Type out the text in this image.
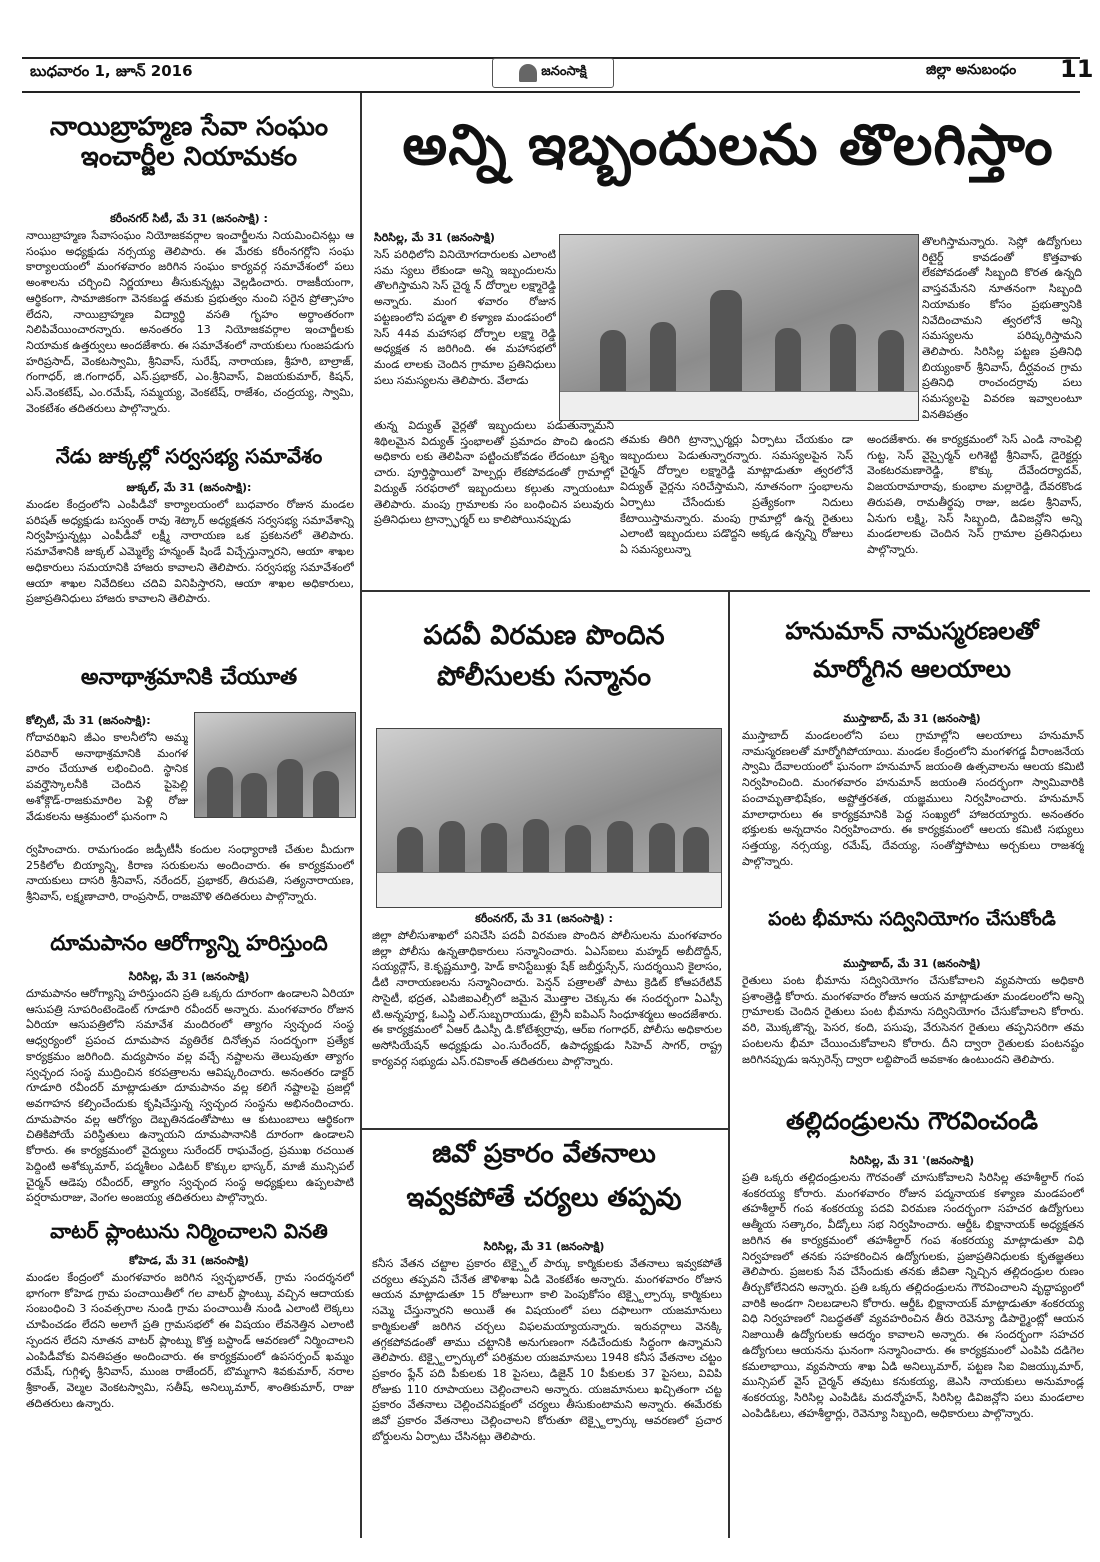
బుధవారం 1, జూన్ 2016	జనంసాక్షి	జిల్లా అనుబంధం 11
నాయిబ్రాహ్మణ సేవా సంఘం
ఇంచార్జీల నియామకం
కరీంనగర్ సిటీ, మే 31 (జనంసాక్షి) :
నాయిబ్రాహ్మణ సేవాసంఘం నియోజకవర్గాల ఇంచార్జీలను నియమించినట్లు ఆ సంఘం అధ్యక్షుడు నర్సయ్య తెలిపారు. ఈ మేరకు కరీంనగర్లోని సంఘ కార్యాలయంలో మంగళవారం జరిగిన సంఘం కార్యవర్గ సమావేశంలో పలు అంశాలను చర్చించి నిర్ణయాలు తీసుకున్నట్లు వెల్లడించారు. రాజకీయంగా, ఆర్థికంగా, సామాజికంగా వెనకబడ్డ తమకు ప్రభుత్వం నుంచి సరైన ప్రోత్సాహం లేదని, నాయిబ్రాహ్మణ విద్యార్థి వసతి గృహం అర్థాంతరంగా నిలిపివేయించారన్నారు. అనంతరం 13 నియోజకవర్గాల ఇంచార్జీలకు నియామక ఉత్తర్వులు అందజేశారు. ఈ సమావేశంలో నాయకులు గుంజపడుగు హరిప్రసాద్, వెంకటస్వామి, శ్రీనివాస్, సురేష్, నారాయణ, శ్రీహరి, బాల్రాజ్, గంగాధర్, జి.గంగాధర్, ఎస్.ప్రభాకర్, ఎం.శ్రీనివాస్, విజయకుమార్, కిషన్, ఎస్.వెంకటేష్, ఎం.రమేష్, సమ్మయ్య, వెంకటేష్, రాజేశం, చంద్రయ్య, స్వామి, వెంకటేశం తదితరులు పాల్గొన్నారు.
నేడు జుక్కల్లో సర్వసభ్య సమావేశం
జుక్కల్, మే 31 (జనంసాక్షి):
మండల కేంద్రంలోని ఎంపీడీవో కార్యాలయంలో బుధవారం రోజున మండల పరిషత్ అధ్యక్షుడు బస్వంత్ రావు శెట్కార్ అధ్యక్షతన సర్వసభ్య సమావేశాన్ని నిర్వహిస్తున్నట్లు ఎంపీడీవో లక్ష్మీ నారాయణ ఒక ప్రకటనలో తెలిపారు. సమావేశానికి జుక్కల్ ఎమ్మెల్యే హన్మంత్ షిండే విచ్చేస్తున్నారని, ఆయా శాఖల అధికారులు సమయానికి హాజరు కావాలని తెలిపారు. సర్వసభ్య సమావేశంలో ఆయా శాఖల నివేదికలు చదివి వినిపిస్తారని, ఆయా శాఖల అధికారులు, ప్రజాప్రతినిధులు హాజరు కావాలని తెలిపారు.
అనాథాశ్రమానికి చేయూత
కోల్సిటీ, మే 31 (జనంసాక్షి):
గోదావరిఖని జీఎం కాలనీలోని అమ్మ పరివార్ అనాథాశ్రమానికి మంగళ వారం చేయూత లభించింది. స్థానిక పవర్హౌస్కాలనీకి చెందిన పైపెల్లి అశోక్గౌడ్-రాజకుమారిల పెళ్లి రోజు వేడుకలను ఆశ్రమంలో ఘనంగా ని
ర్వహించారు. రామగుండం జడ్పీటీసీ కందుల సంధ్యారాణి చేతుల మీదుగా 25కిలోల బియ్యాన్ని, కిరాణ సరుకులను అందించారు. ఈ కార్యక్రమంలో నాయకులు దాసరి శ్రీనివాస్, నరేందర్, ప్రభాకర్, తిరుపతి, సత్యనారాయణ, శ్రీనివాస్, లక్ష్మణాచారి, రాంప్రసాద్, రాజమౌళి తదితరులు పాల్గొన్నారు.
దూమపానం ఆరోగ్యాన్ని హరిస్తుంది
సిరిసిల్ల, మే 31 (జనంసాక్షి)
దూమపానం ఆరోగ్యాన్ని హరిస్తుందని ప్రతి ఒక్కరు దూరంగా ఉండాలని ఏరియా ఆసుపత్రి సూపరింటెండెంట్ గూడూరి రవీందర్ అన్నారు. మంగళవారం రోజున ఏరియా ఆసుపత్రిలోని సమావేశ మందిరంలో త్యాగం స్వచ్ఛంద సంస్థ ఆధ్వర్యంలో ప్రపంచ దూమపాన వ్యతిరేక దినోత్సవ సందర్భంగా ప్రత్యేక కార్యక్రమం జరిగింది. మద్యపానం వల్ల వచ్చే నష్టాలను తెలుపుతూ త్యాగం స్వచ్ఛంద సంస్థ ముద్రించిన కరపత్రాలను ఆవిష్కరించారు. అనంతరం డాక్టర్ గూడూరి రవీందర్ మాట్లాడుతూ దూమపానం వల్ల కలిగే నష్టాలపై ప్రజల్లో అవగాహన కల్పించేందుకు కృషిచేస్తున్న స్వచ్ఛంద సంస్థను అభినందించారు. దూమపానం వల్ల ఆరోగ్యం దెబ్బతినడంతోపాటు ఆ కుటుంబాలు ఆర్థికంగా చితికిపోయే పరిస్థితులు ఉన్నాయని దూమపానానికి దూరంగా ఉండాలని కోరారు. ఈ కార్యక్రమంలో వైద్యులు సురేందర్ రాఘవేంద్ర, ప్రముఖ రచయిత పెద్దింటి అశోక్కుమార్, పద్మశీలం ఎడిటర్ కొక్కుల భాస్కర్, మాజీ మున్సిపల్ చైర్మన్ ఆడెపు రవీందర్, త్యాగం స్వచ్ఛంద సంస్థ అధ్యక్షులు ఉప్పలపాటి పర్షరామరాజు, వెంగల అంజయ్య తదితరులు పాల్గొన్నారు.
వాటర్ ప్లాంటును నిర్మించాలని వినతి
కోహెడ, మే 31 (జనంసాక్షి)
మండల కేంద్రంలో మంగళవారం జరిగిన స్వచ్ఛభారత్, గ్రామ సందర్శనలో భాగంగా కోహెడ గ్రామ పంచాయితీలో గల వాటర్ ప్లాంట్కు వచ్చిన ఆదాయకు సంబంధించి 3 సంవత్సరాల నుండి గ్రామ పంచాయితీ నుండి ఎలాంటి లెక్కలు చూపించడం లేదని అలాగే ప్రతి గ్రామసభలో ఈ విషయం లేవనెత్తిన ఎలాంటి స్పందన లేదని నూతన వాటర్ ప్లాంట్ను కొత్త బస్టాండ్ ఆవరణలో నిర్మించాలని ఎంపిడీవోకు వినతిపత్రం అందించారు. ఈ కార్యక్రమంలో ఉపసర్పంచ్ ఖమ్మం రమేష్, గుగ్గిళ్ళ శ్రీనివాస్, ముంజ రాజేందర్, బొమ్మగాని శివకుమార్, నరాల శ్రీకాంత్, వెల్మల వెంకటస్వామి, సతీష్, అనిల్కుమార్, శాంతికుమార్, రాజు తదితరులు ఉన్నారు.
అన్ని ఇబ్బందులను తొలగిస్తాం
సిరిసిల్ల, మే 31 (జనంసాక్షి)
సెస్ పరిధిలోని వినియోగదారులకు ఎలాంటి సమ స్యలు లేకుండా అన్ని ఇబ్బందులను తొలగిస్తామని సెస్ చైర్మ న్ దోర్నాల లక్ష్మారెడ్డి అన్నారు. మంగ ళవారం రోజున పట్టణంలోని పద్మశా లి కళ్యాణ మండపంలో సెస్ 44వ మహాసభ దోర్నాల లక్ష్మా రెడ్డి అధ్యక్షత న జరిగింది. ఈ మహాసభలో మండ లాలకు చెందిన గ్రామాల ప్రతినిధులు పలు సమస్యలను తెలిపారు. వేలాడు
తున్న విద్యుత్ వైర్లతో ఇబ్బందులు పడుతున్నామని శిథిలమైన విద్యుత్ స్తంభాలతో ప్రమాదం పొంచి ఉందని అధికారు లకు తెలిపినా పట్టించుకోవడం లేదంటూ ప్రశ్నిం చారు. పూర్తిస్థాయిలో హెల్పర్లు లేకపోవడంతో గ్రామాల్లో విద్యుత్ సరఫరాలో ఇబ్బందులు కల్గుతు న్నాయంటూ తెలిపారు. మంపు గ్రామాలకు సం బంధించిన పలువురు ప్రతినిధులు ట్రాన్స్ఫార్మర్ లు కాలిపోయినప్పుడు
తమకు తిరిగి ట్రాన్స్ఫార్మర్లు ఏర్పాటు చేయకుం డా ఇబ్బందులు పెడుతున్నారన్నారు. సమస్యలపైన సెస్ చైర్మన్ దోర్నాల లక్ష్మారెడ్డి మాట్లాడుతూ త్వరలోనే విద్యుత్ వైర్లను సరిచేస్తామని, నూతనంగా స్తంభాలను ఏర్పాటు చేసేందుకు ప్రత్యేకంగా నిదులు కేటాయిస్తామన్నారు. మంపు గ్రామాల్లో ఉన్న రైతులు ఎలాంటి ఇబ్బందులు పడొద్దని అక్కడ ఉన్నన్ని రోజులు ఏ సమస్యలున్నా
తొలగిస్తామన్నారు. సెస్లో ఉద్యోగులు రిటైర్డ్ కావడంతో కొత్తవాళు లేకపోవడంతో సిబ్బంది కొరత ఉన్నది వాస్తవమేనని నూతనంగా సిబ్బంది నియామకం కోసం ప్రభుత్వానికి నివేదించామని త్వరలోనే అన్ని సమస్యలను పరిష్కరిస్తామని తెలిపారు. సిరిసిల్ల పట్టణ ప్రతినిధి బియ్యంకార్ శ్రీనివాస్, దీర్ఘవంచ గ్రామ ప్రతినిధి రాంచందర్రావు పలు సమస్యలపై వివరణ ఇవ్వాలంటూ వినతిపత్రం
అందజేశారు. ఈ కార్యక్రమంలో సెస్ ఎండి నాంపెల్లి గుట్ట, సెస్ వైస్చైర్మన్ లగిశెట్టి శ్రీనివాస్, డైరెక్టర్లు వెంకటరమణారెడ్డి, కొక్కు దేవేందర్యాదవ్, విజయరామారావు, కుంభాల మల్లారెడ్డి, దేవరకొండ తిరుపతి, రామతీర్థపు రాజు, జడల శ్రీనివాస్, ఏనుగు లక్ష్మి, సెస్ సిబ్బంది, డివిజన్లోని అన్ని మండలాలకు చెందిన సెస్ గ్రామాల ప్రతినిధులు పాల్గొన్నారు.
పదవీ విరమణ పొందిన
పోలీసులకు సన్మానం
కరీంనగర్, మే 31 (జనంసాక్షి) :
జిల్లా పోలీసుశాఖలో పనిచేసి పదవీ విరమణ పొందిన పోలీసులను మంగళవారం జిల్లా పోలీసు ఉన్నతాధికారులు సన్మానించారు. ఏఎస్ఐలు మహ్మద్ అబీదొద్దీన్, సయ్యద్గౌస్, కె.కృష్ణమూర్తి, హెడ్ కానిస్టేబుళ్లు షేక్ జబీర్హుస్సేన్, సుదర్శయిని కైలాసం, డీటి నారాయణలను సన్మానించారు. పెన్షన్ పత్రాలతో పాటు క్రెడిట్ కోఆపరేటివ్ సొసైటీ, భద్రత, ఎపిజిఐఎల్సీలో జమైన మొత్తాల చెక్కును ఈ సందర్భంగా ఏఎస్పీ టి.అన్నపూర్ణ, ఓఎస్డి ఎల్.సుబ్బరాయుడు, ట్రైనీ ఐపిఎస్ సింధూశర్మలు అందజేశారు. ఈ కార్యక్రమంలో ఏఆర్ డిఎస్పీ డి.కోటేశ్వర్రావు, ఆర్ఐ గంగాధర్, పోలీసు అధికారుల అసోసియేషన్ అధ్యక్షుడు ఎం.సురేందర్, ఉపాధ్యక్షుడు సిహెచ్ సాగర్, రాష్ట్ర కార్యవర్గ సభ్యుడు ఎస్.రవికాంత్ తదితరులు పాల్గొన్నారు.
జివో ప్రకారం వేతనాలు
ఇవ్వకపోతే చర్యలు తప్పవు
సిరిసిల్ల, మే 31 (జనంసాక్షి)
కనీస వేతన చట్టాల ప్రకారం టెక్స్టైల్ పార్కు కార్మికులకు వేతనాలు ఇవ్వకపోతే చర్యలు తప్పవని చేనేత జౌళిశాఖ ఏడి వెంకటేశం అన్నారు. మంగళవారం రోజున ఆయన మాట్లాడుతూ 15 రోజులుగా కాలి పెంపుకోసం టెక్స్టైల్పార్కు కార్మికులు సమ్మె చేస్తున్నారని అయితే ఈ విషయంలో పలు దఫాలుగా యజమానులు కార్మికులతో జరిగిన చర్చలు విఫలమయ్యాయన్నారు. ఇరువర్గాలు వెనక్కి తగ్గకపోవడంతో తాము చట్టానికి అనుగుణంగా నడిచేందుకు సిద్ధంగా ఉన్నామని తెలిపారు. టెక్స్టైల్పార్కులో పరిశ్రమల యజమానులు 1948 కనీస వేతనాల చట్టం ప్రకారం ఫ్లేన్ పది పీకులకు 18 పైసలు, డిజైన్ 10 పీకులకు 37 పైసలు, వివిపి రోజుకు 110 రూపాయలు చెల్లించాలని అన్నారు. యజమానులు ఖచ్చితంగా చట్ట ప్రకారం వేతనాలు చెల్లించనిపక్షంలో చర్యలు తీసుకుంటామని అన్నారు. ఈమేరకు జివో ప్రకారం వేతనాలు చెల్లించాలని కోరుతూ టెక్స్టైల్పార్కు ఆవరణలో ప్రచార బోర్డులను ఏర్పాటు చేసినట్లు తెలిపారు.
హనుమాన్ నామస్మరణలతో
మార్మోగిన ఆలయాలు
ముస్తాబాద్, మే 31 (జనంసాక్షి)
ముస్తాబాద్ మండలంలోని పలు గ్రామాల్లోని ఆలయాలు హనుమాన్ నామస్మరణలతో మార్మోగిపోయాయి. మండల కేంద్రంలోని మంగళగడ్డ వీరాంజనేయ స్వామి దేవాలయంలో ఘనంగా హనుమాన్ జయంతి ఉత్సవాలను ఆలయ కమిటి నిర్వహించింది. మంగళవారం హనుమాన్ జయంతి సందర్భంగా స్వామివారికి పంచామృతాభిషేకం, అష్టోత్తరశత, యజ్ఞములు నిర్వహించారు. హనుమాన్ మాలాధారులు ఈ కార్యక్రమానికి పెద్ద సంఖ్యలో హాజరయ్యారు. అనంతరం భక్తులకు అన్నదానం నిర్వహించారు. ఈ కార్యక్రమంలో ఆలయ కమిటి సభ్యులు సత్తయ్య, నర్సయ్య, రమేష్, దేవయ్య, సంతోష్తోపాటు అర్చకులు రాజశర్మ పాల్గొన్నారు.
పంట భీమాను సద్వినియోగం చేసుకోండి
ముస్తాబాద్, మే 31 (జనంసాక్షి)
రైతులు పంట భీమాను సద్వినియోగం చేసుకోవాలని వ్యవసాయ అధికారి ప్రశాంత్రెడ్డి కోరారు. మంగళవారం రోజున ఆయన మాట్లాడుతూ మండలంలోని అన్ని గ్రామాలకు చెందిన రైతులు పంట భీమాను సద్వినియోగం చేసుకోవాలని కోరారు. వరి, మొక్కజొన్న, పెసర, కంది, పసుపు, వేరుసెనగ రైతులు తప్పనిసరిగా తమ పంటలను భీమా చేయించుకోవాలని కోరారు. దీని ద్వారా రైతులకు పంటనష్టం జరిగినప్పుడు ఇన్సురెన్స్ ద్వారా లబ్దిపొందే అవకాశం ఉంటుందని తెలిపారు.
తల్లిదండ్రులను గౌరవించండి
సిరిసిల్ల, మే 31 '(జనంసాక్షి)
ప్రతి ఒక్కరు తల్లిదండ్రులను గౌరవంతో చూసుకోవాలని సిరిసిల్ల తహశీల్దార్ గంప శంకరయ్య కోరారు. మంగళవారం రోజున పద్మనాయక కళ్యాణ మండపంలో తహశీల్దార్ గంప శంకరయ్య పదవి విరమణ సందర్భంగా సహచర ఉద్యోగులు ఆత్మీయ సత్కారం, వీడ్కోలు సభ నిర్వహించారు. ఆర్డీఓ భిక్షానాయక్ అధ్యక్షతన జరిగిన ఈ కార్యక్రమంలో తహశీల్దార్ గంప శంకరయ్య మాట్లాడుతూ విధి నిర్వహణలో తనకు సహకరించిన ఉద్యోగులకు, ప్రజాప్రతినిధులకు కృతజ్ఞతలు తెలిపారు. ప్రజలకు సేవ చేసేందుకు తనకు జీవితా న్నిచ్చిన తల్లిదండ్రుల రుణం తీర్చుకోలేనిదని అన్నారు. ప్రతి ఒక్కరు తల్లిదండ్రులను గౌరవించాలని వృద్ధాప్యంలో వారికి అండగా నిలబడాలని కోరారు. ఆర్డీఓ భిక్షానాయక్ మాట్లాడుతూ శంకరయ్య విధి నిర్వహణలో నిబద్ధతతో వ్యవహరించిన తీరు రెవెన్యూ డిపార్ట్మెంట్లో ఆయన నిజాయితీ ఉద్యోగులకు ఆదర్శం కావాలని అన్నారు. ఈ సందర్భంగా సహచర ఉద్యోగులు ఆయనను ఘనంగా సన్మానించారు. ఈ కార్యక్రమంలో ఎంపిపి దడిగెల కమలాభాయి, వ్యవసాయ శాఖ ఏడి అనిల్కుమార్, పట్టణ సిఐ విజయ్కుమార్, మున్సిపల్ వైస్ చైర్మన్ తవుటు కనుకయ్య, జెఎసి నాయకులు అనుమాండ్ల శంకరయ్య, సిరిసిల్ల ఎంపిడిఓ మదన్మోహన్, సిరిసిల్ల డివిజన్లోని పలు మండలాల ఎంపిడిఓలు, తహశీల్దార్లు, రెవెన్యూ సిబ్బంది, అధికారులు పాల్గొన్నారు.
